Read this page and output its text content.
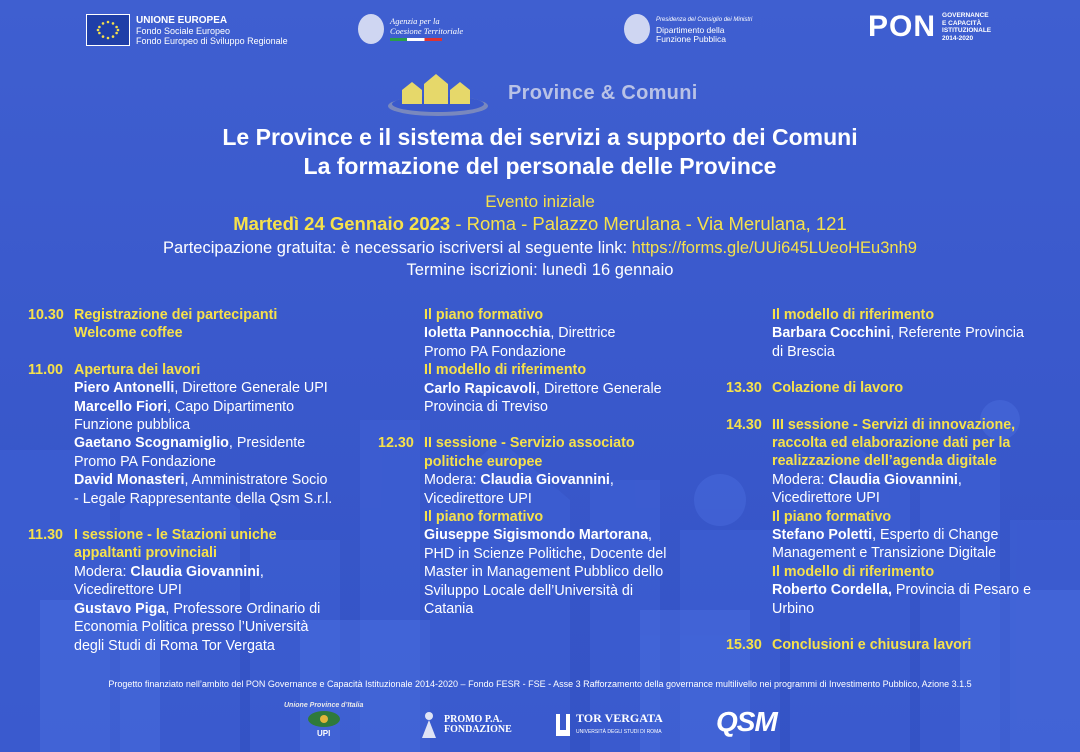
UNIONE EUROPEA
Fondo Sociale Europeo
Fondo Europeo di Sviluppo Regionale
Agenzia per la
Coesione Territoriale
Presidenza del Consiglio dei Ministri
Dipartimento della
Funzione Pubblica	PON GOVERNANCE
E CAPACITÀ
ISTITUZIONALE
2014-2020
Province & Comuni
Le Province e il sistema dei servizi a supporto dei Comuni
La formazione del personale delle Province
Evento iniziale
Martedì 24 Gennaio 2023 - Roma - Palazzo Merulana - Via Merulana, 121
Partecipazione gratuita: è necessario iscriversi al seguente link: https://forms.gle/UUi645LUeoHEu3nh9
Termine iscrizioni: lunedì 16 gennaio
10.30 Registrazione dei partecipanti
Welcome coffee
11.00 Apertura dei lavori
Piero Antonelli, Direttore Generale UPI
Marcello Fiori, Capo Dipartimento
Funzione pubblica
Gaetano Scognamiglio, Presidente
Promo PA Fondazione
David Monasteri, Amministratore Socio
- Legale Rappresentante della Qsm S.r.l.
11.30 I sessione - le Stazioni uniche
appaltanti provinciali
Modera: Claudia Giovannini,
Vicedirettore UPI
Gustavo Piga, Professore Ordinario di
Economia Politica presso l’Università
degli Studi di Roma Tor Vergata
Il piano formativo
Ioletta Pannocchia, Direttrice
Promo PA Fondazione
Il modello di riferimento
Carlo Rapicavoli, Direttore Generale
Provincia di Treviso
12.30 II sessione - Servizio associato
politiche europee
Modera: Claudia Giovannini,
Vicedirettore UPI
Il piano formativo
Giuseppe Sigismondo Martorana,
PHD in Scienze Politiche, Docente del
Master in Management Pubblico dello
Sviluppo Locale dell’Università di
Catania
Il modello di riferimento
Barbara Cocchini, Referente Provincia
di Brescia
13.30 Colazione di lavoro
14.30 III sessione - Servizi di innovazione,
raccolta ed elaborazione dati per la
realizzazione dell’agenda digitale
Modera: Claudia Giovannini,
Vicedirettore UPI
Il piano formativo
Stefano Poletti, Esperto di Change
Management e Transizione Digitale
Il modello di riferimento
Roberto Cordella, Provincia di Pesaro e
Urbino
15.30 Conclusioni e chiusura lavori
Progetto finanziato nell’ambito del PON Governance e Capacità Istituzionale 2014-2020 – Fondo FESR - FSE - Asse 3 Rafforzamento della governance multilivello nei programmi di Investimento Pubblico, Azione 3.1.5
Unione Province d’Italia
UPI
PROMO P.A.
FONDAZIONE
TOR VERGATA
UNIVERSITÀ DEGLI STUDI DI ROMA QSM
